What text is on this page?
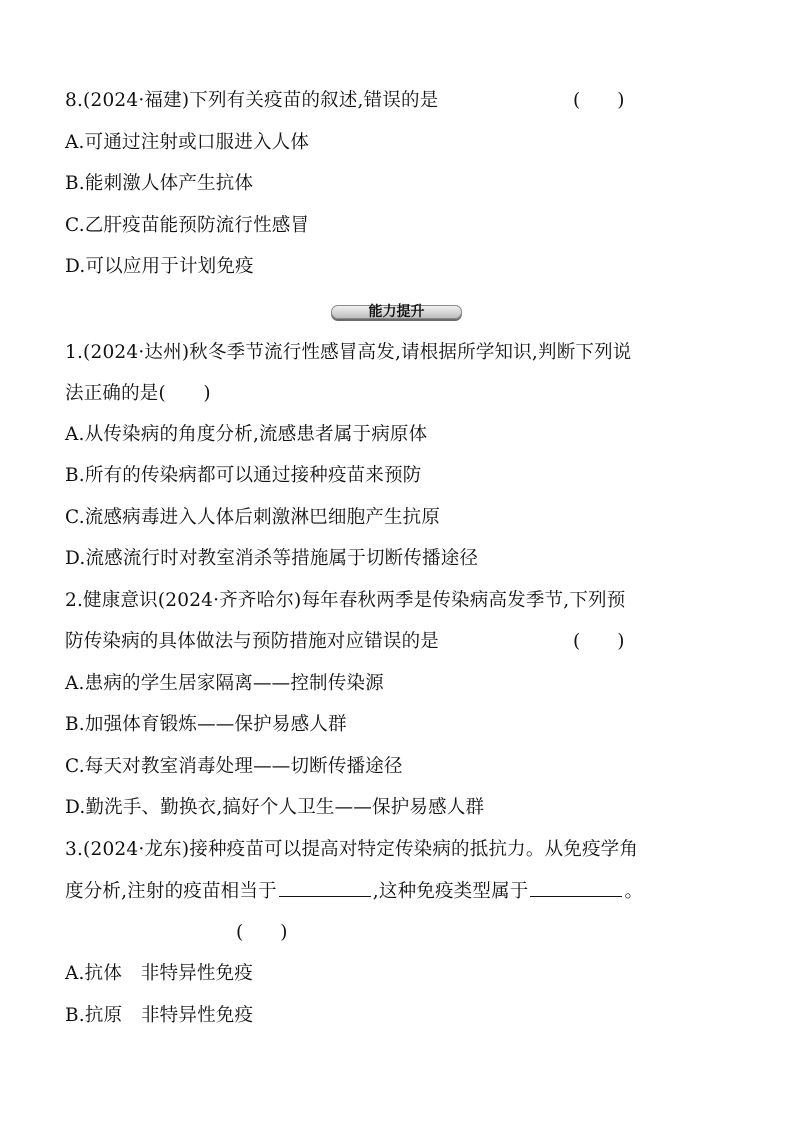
8.(2024·福建)下列有关疫苗的叙述,错误的是	(　　)
A.可通过注射或口服进入人体
B.能刺激人体产生抗体
C.乙肝疫苗能预防流行性感冒
D.可以应用于计划免疫
能力提升
1.(2024·达州)秋冬季节流行性感冒高发,请根据所学知识,判断下列说
法正确的是(　　)
A.从传染病的角度分析,流感患者属于病原体
B.所有的传染病都可以通过接种疫苗来预防
C.流感病毒进入人体后刺激淋巴细胞产生抗原
D.流感流行时对教室消杀等措施属于切断传播途径
2.健康意识(2024·齐齐哈尔)每年春秋两季是传染病高发季节,下列预
防传染病的具体做法与预防措施对应错误的是	(　　)
A.患病的学生居家隔离——控制传染源
B.加强体育锻炼——保护易感人群
C.每天对教室消毒处理——切断传播途径
D.勤洗手、勤换衣,搞好个人卫生——保护易感人群
3.(2024·龙东)接种疫苗可以提高对特定传染病的抵抗力。从免疫学角
度分析,注射的疫苗相当于	,这种免疫类型属于	。
(　　)
A.抗体　非特异性免疫
B.抗原　非特异性免疫
